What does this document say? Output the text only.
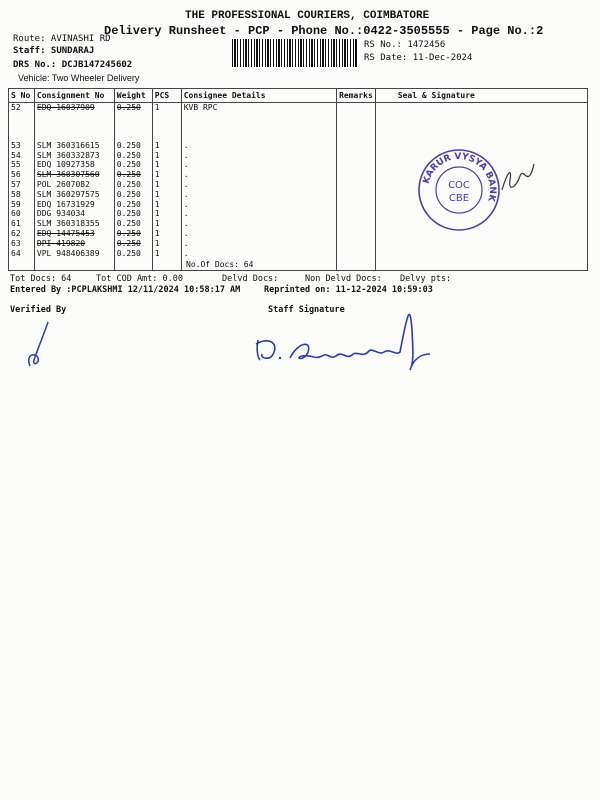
THE PROFESSIONAL COURIERS, COIMBATORE
Delivery Runsheet - PCP - Phone No.:0422-3505555 - Page No.:2
Route: AVINASHI RD
Staff: SUNDARAJ
DRS No.: DCJB147245602
Vehicle: Two Wheeler Delivery
RS No.: 1472456
RS Date: 11-Dec-2024
S No	Consignment No	Weight	PCS	Consignee Details	Remarks	Seal & Signature
52	EDQ 16037909	0.250	1	KVB RPC		

53	SLM 360316615	0.250	1	.		
54	SLM 360332873	0.250	1	.		
55	EDQ 10927358	0.250	1	.		
56	SLM 360307560	0.250	1	.		
57	POL 2607082	0.250	1	.		
58	SLM 360297575	0.250	1	.		
59	EDQ 16731929	0.250	1	.		
60	DDG 934034	0.250	1	.		
61	SLM 360318355	0.250	1	.		
62	EDQ 14475453	0.250	1	.		
63	DPI 419820	0.250	1	.		
64	VPL 948406389	0.250	1	.		

No.Of Docs: 64
Tot Docs: 64	Tot COD Amt: 0.00	Delvd Docs:	Non Delvd Docs: Delvy pts:
Entered By :PCPLAKSHMI 12/11/2024 10:58:17 AM	Reprinted on: 11-12-2024 10:59:03
Verified By	Staff Signature
KARUR VYSYA BANK
COC
CBE
